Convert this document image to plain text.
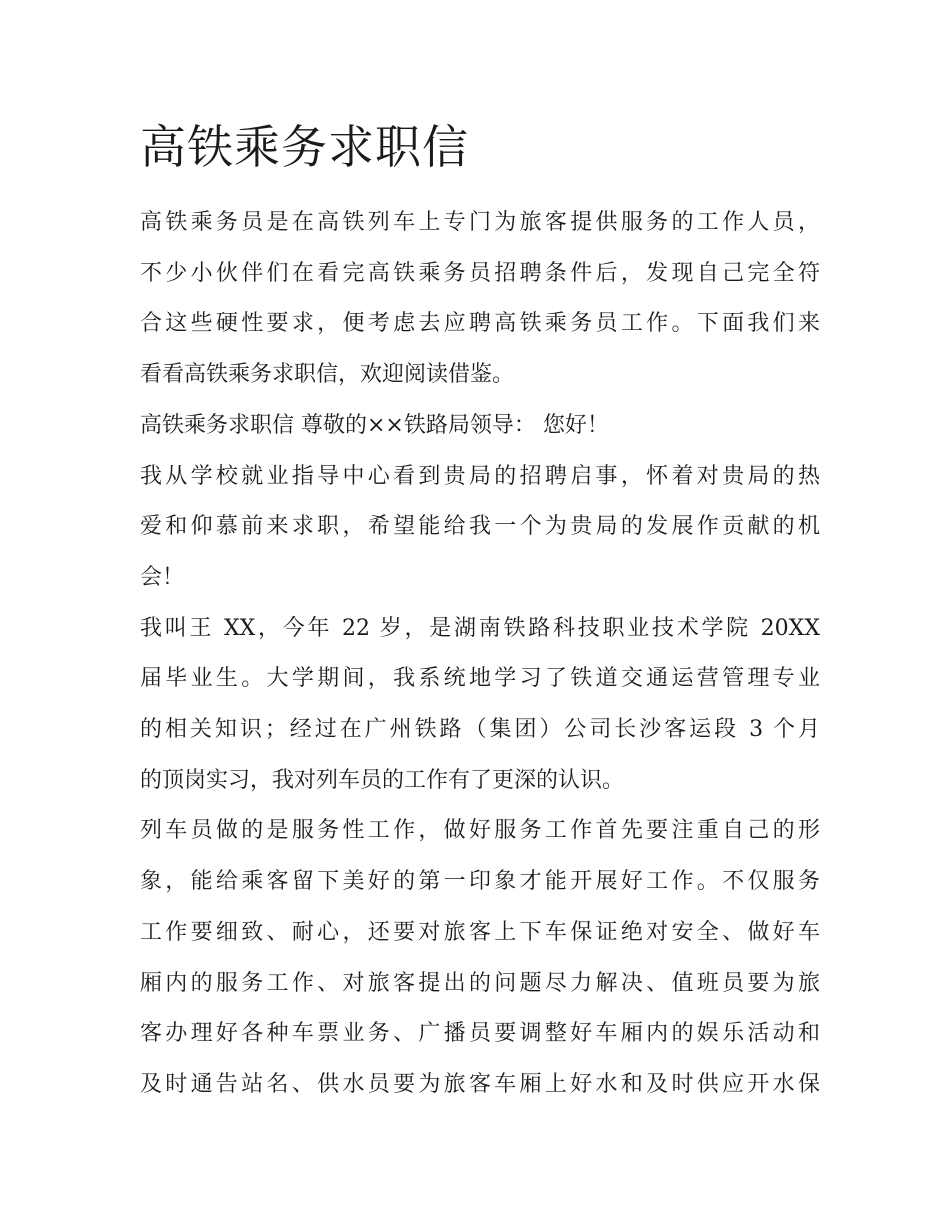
高铁乘务求职信

高铁乘务员是在高铁列车上专门为旅客提供服务的工作人员，
不少小伙伴们在看完高铁乘务员招聘条件后，发现自己完全符
合这些硬性要求，便考虑去应聘高铁乘务员工作。下面我们来
看看高铁乘务求职信，欢迎阅读借鉴。

高铁乘务求职信 尊敬的××铁路局领导： 您好！

我从学校就业指导中心看到贵局的招聘启事，怀着对贵局的热
爱和仰慕前来求职，希望能给我一个为贵局的发展作贡献的机
会！

我叫王 XX，今年 22 岁，是湖南铁路科技职业技术学院 20XX
届毕业生。大学期间，我系统地学习了铁道交通运营管理专业
的相关知识；经过在广州铁路（集团）公司长沙客运段 3 个月
的顶岗实习，我对列车员的工作有了更深的认识。

列车员做的是服务性工作，做好服务工作首先要注重自己的形
象，能给乘客留下美好的第一印象才能开展好工作。不仅服务
工作要细致、耐心，还要对旅客上下车保证绝对安全、做好车
厢内的服务工作、对旅客提出的问题尽力解决、值班员要为旅
客办理好各种车票业务、广播员要调整好车厢内的娱乐活动和
及时通告站名、供水员要为旅客车厢上好水和及时供应开水保
